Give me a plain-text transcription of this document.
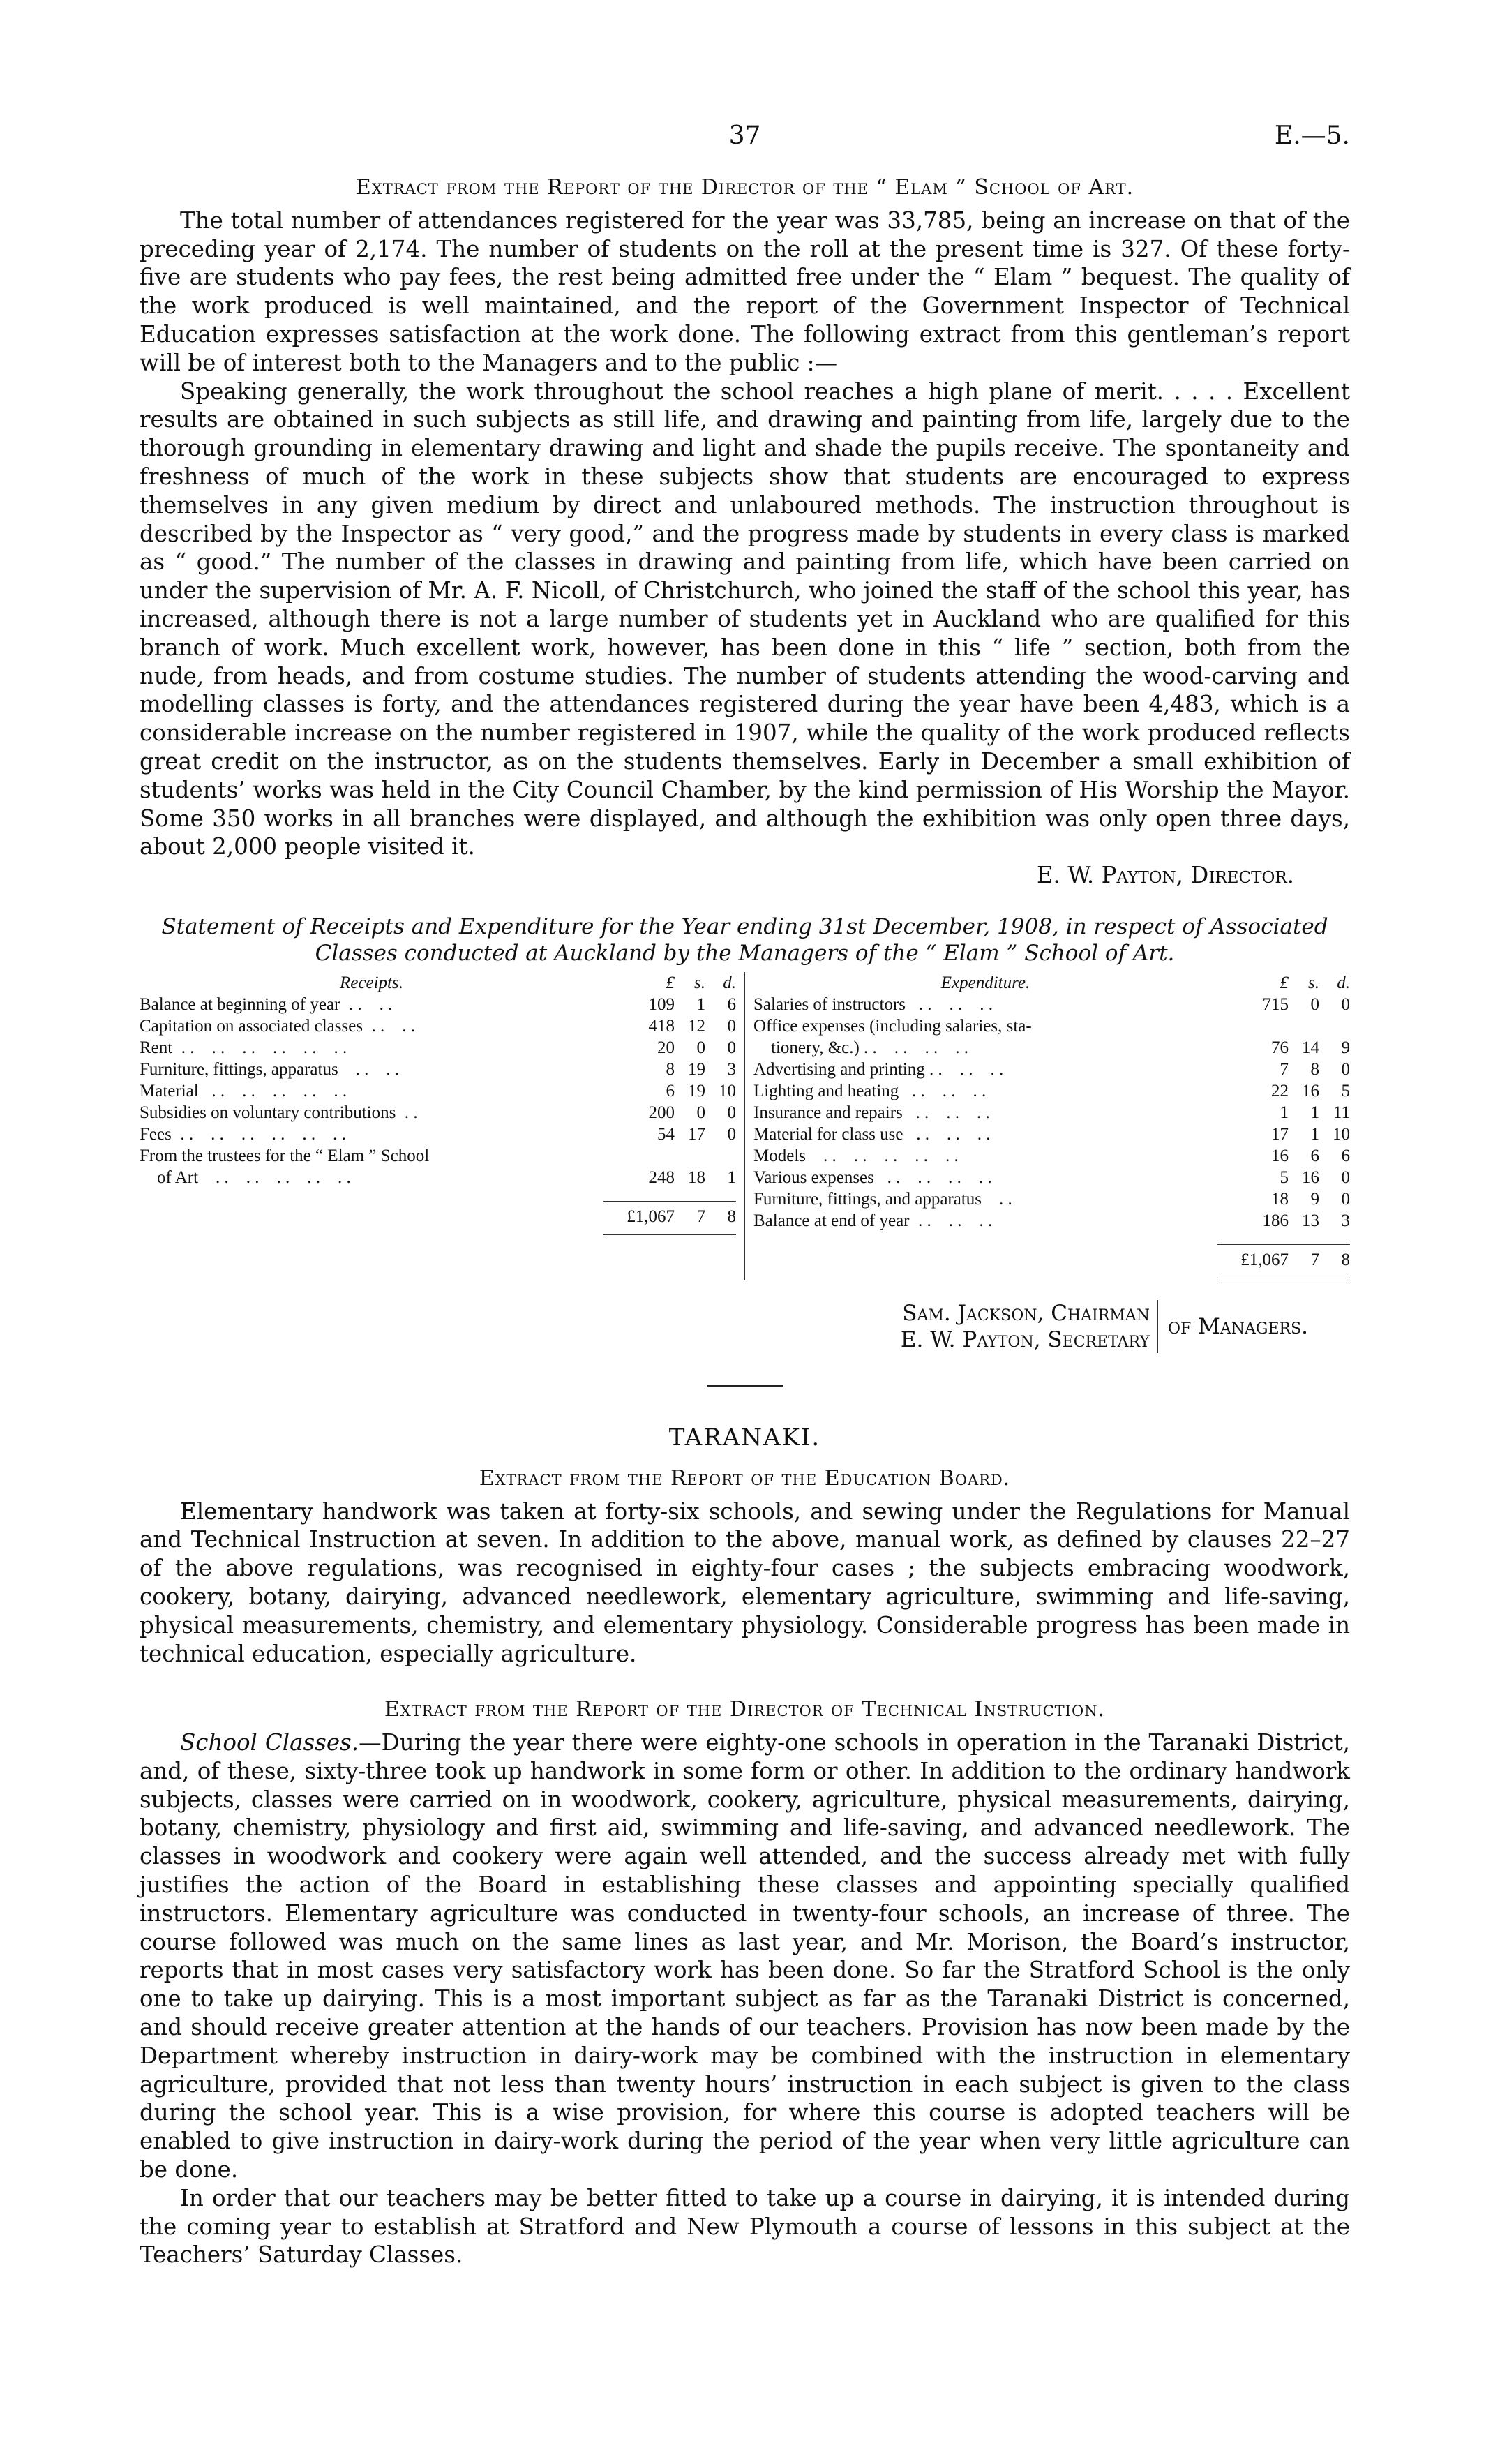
37	E.—5.
Extract from the Report of the Director of the “ Elam ” School of Art.

The total number of attendances registered for the year was 33,785, being an increase on that of the preceding year of 2,174. The number of students on the roll at the present time is 327. Of these forty-five are students who pay fees, the rest being admitted free under the “ Elam ” bequest. The quality of the work produced is well maintained, and the report of the Government Inspector of Technical Education expresses satisfaction at the work done. The following extract from this gentleman’s report will be of interest both to the Managers and to the public :—

Speaking generally, the work throughout the school reaches a high plane of merit. . . . . Excellent results are obtained in such subjects as still life, and drawing and painting from life, largely due to the thorough grounding in elementary drawing and light and shade the pupils receive. The spontaneity and freshness of much of the work in these subjects show that students are encouraged to express themselves in any given medium by direct and unlaboured methods. The instruction throughout is described by the Inspector as “ very good,” and the progress made by students in every class is marked as “ good.” The number of the classes in drawing and painting from life, which have been carried on under the supervision of Mr. A. F. Nicoll, of Christchurch, who joined the staff of the school this year, has increased, although there is not a large number of students yet in Auckland who are qualified for this branch of work. Much excellent work, however, has been done in this “ life ” section, both from the nude, from heads, and from costume studies. The number of students attending the wood-carving and modelling classes is forty, and the attendances registered during the year have been 4,483, which is a considerable increase on the number registered in 1907, while the quality of the work produced reflects great credit on the instructor, as on the students themselves. Early in December a small exhibition of students’ works was held in the City Council Chamber, by the kind permission of His Worship the Mayor. Some 350 works in all branches were displayed, and although the exhibition was only open three days, about 2,000 people visited it.

E. W. Payton, Director.
Statement of Receipts and Expenditure for the Year ending 31st December, 1908, in respect of Associated Classes conducted at Auckland by the Managers of the “ Elam ” School of Art.
Receipts.	£	s.	d.
Balance at beginning of year  . .    . .	109	1	6
Capitation on associated classes  . .    . .	418 12	0
Rent  . .    . .    . .    . .    . .    . .	20	0	0
Furniture, fittings, apparatus    . .    . .	8 19	3
Material   . .    . .    . .    . .    . .	6 19 10
Subsidies on voluntary contributions  . .	200	0	0
Fees  . .    . .    . .    . .    . .    . .	54 17	0
From the trustees for the “ Elam ” School
of Art    . .    . .    . .    . .    . .	248 18	1
£1,067	7	8
Expenditure.	£	s.	d.
Salaries of instructors   . .    . .    . .	715	0	0
Office expenses (including salaries, sta-
tionery, &c.) . .    . .    . .    . .	76 14	9
Advertising and printing . .    . .    . .	7	8	0
Lighting and heating   . .    . .    . .	22 16	5
Insurance and repairs   . .    . .    . .	1	1 11
Material for class use   . .    . .    . .	17	1 10
Models    . .    . .    . .    . .    . .	16	6	6
Various expenses   . .    . .    . .    . .	5 16	0
Furniture, fittings, and apparatus    . .	18	9	0
Balance at end of year  . .    . .    . .	186 13	3
£1,067	7	8
Sam. Jackson, Chairman
E. W. Payton, Secretary
of Managers.
TARANAKI.
Extract from the Report of the Education Board.

Elementary handwork was taken at forty-six schools, and sewing under the Regulations for Manual and Technical Instruction at seven. In addition to the above, manual work, as defined by clauses 22–27 of the above regulations, was recognised in eighty-four cases ; the subjects embracing woodwork, cookery, botany, dairying, advanced needlework, elementary agriculture, swimming and life-saving, physical measurements, chemistry, and elementary physiology. Considerable progress has been made in technical education, especially agriculture.

Extract from the Report of the Director of Technical Instruction.

School Classes.—During the year there were eighty-one schools in operation in the Taranaki District, and, of these, sixty-three took up handwork in some form or other. In addition to the ordinary handwork subjects, classes were carried on in woodwork, cookery, agriculture, physical measurements, dairying, botany, chemistry, physiology and first aid, swimming and life-saving, and advanced needlework. The classes in woodwork and cookery were again well attended, and the success already met with fully justifies the action of the Board in establishing these classes and appointing specially qualified instructors. Elementary agriculture was conducted in twenty-four schools, an increase of three. The course followed was much on the same lines as last year, and Mr. Morison, the Board’s instructor, reports that in most cases very satisfactory work has been done. So far the Stratford School is the only one to take up dairying. This is a most important subject as far as the Taranaki District is concerned, and should receive greater attention at the hands of our teachers. Provision has now been made by the Department whereby instruction in dairy-work may be combined with the instruction in elementary agriculture, provided that not less than twenty hours’ instruction in each subject is given to the class during the school year. This is a wise provision, for where this course is adopted teachers will be enabled to give instruction in dairy-work during the period of the year when very little agriculture can be done.

In order that our teachers may be better fitted to take up a course in dairying, it is intended during the coming year to establish at Stratford and New Plymouth a course of lessons in this subject at the Teachers’ Saturday Classes.
